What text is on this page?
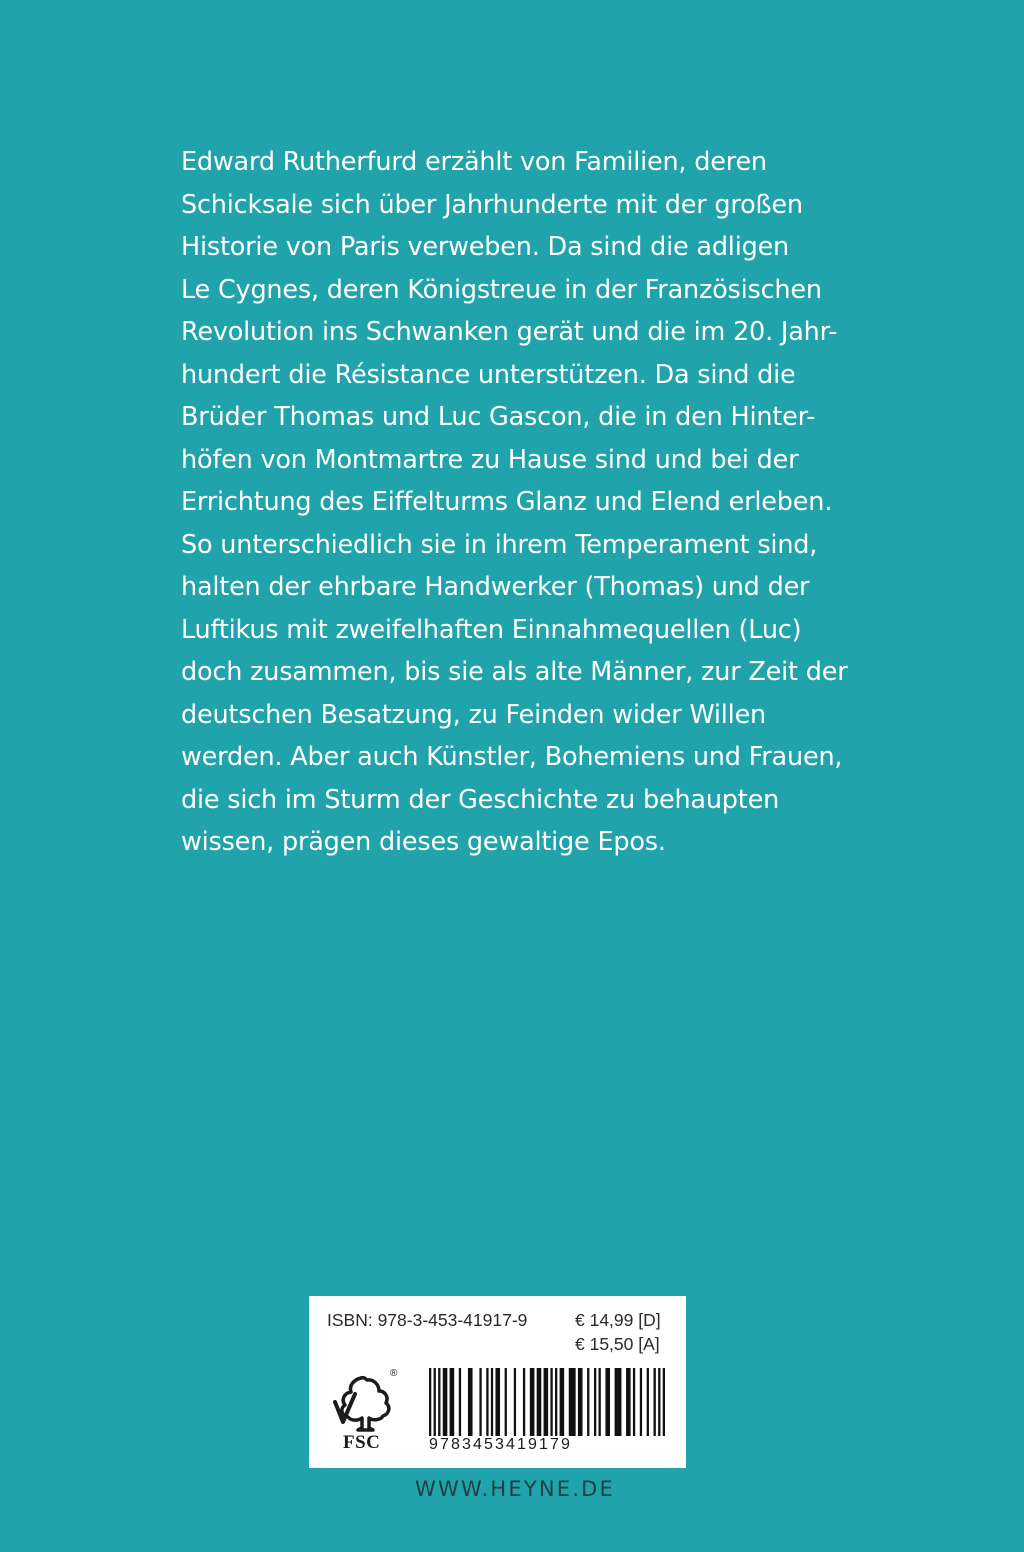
Edward Rutherfurd erzählt von Familien, deren
Schicksale sich über Jahrhunderte mit der großen
Historie von Paris verweben. Da sind die adligen
Le Cygnes, deren Königstreue in der Französischen
Revolution ins Schwanken gerät und die im 20. Jahr-
hundert die Résistance unterstützen. Da sind die
Brüder Thomas und Luc Gascon, die in den Hinter-
höfen von Montmartre zu Hause sind und bei der
Errichtung des Eiffelturms Glanz und Elend erleben.
So unterschiedlich sie in ihrem Temperament sind,
halten der ehrbare Handwerker (Thomas) und der
Luftikus mit zweifelhaften Einnahmequellen (Luc)
doch zusammen, bis sie als alte Männer, zur Zeit der
deutschen Besatzung, zu Feinden wider Willen
werden. Aber auch Künstler, Bohemiens und Frauen,
die sich im Sturm der Geschichte zu behaupten
wissen, prägen dieses gewaltige Epos.
ISBN: 978-3-453-41917-9	€ 14,99 [D]
€ 15,50 [A]
®
FSC	9783453419179
WWW.HEYNE.DE
